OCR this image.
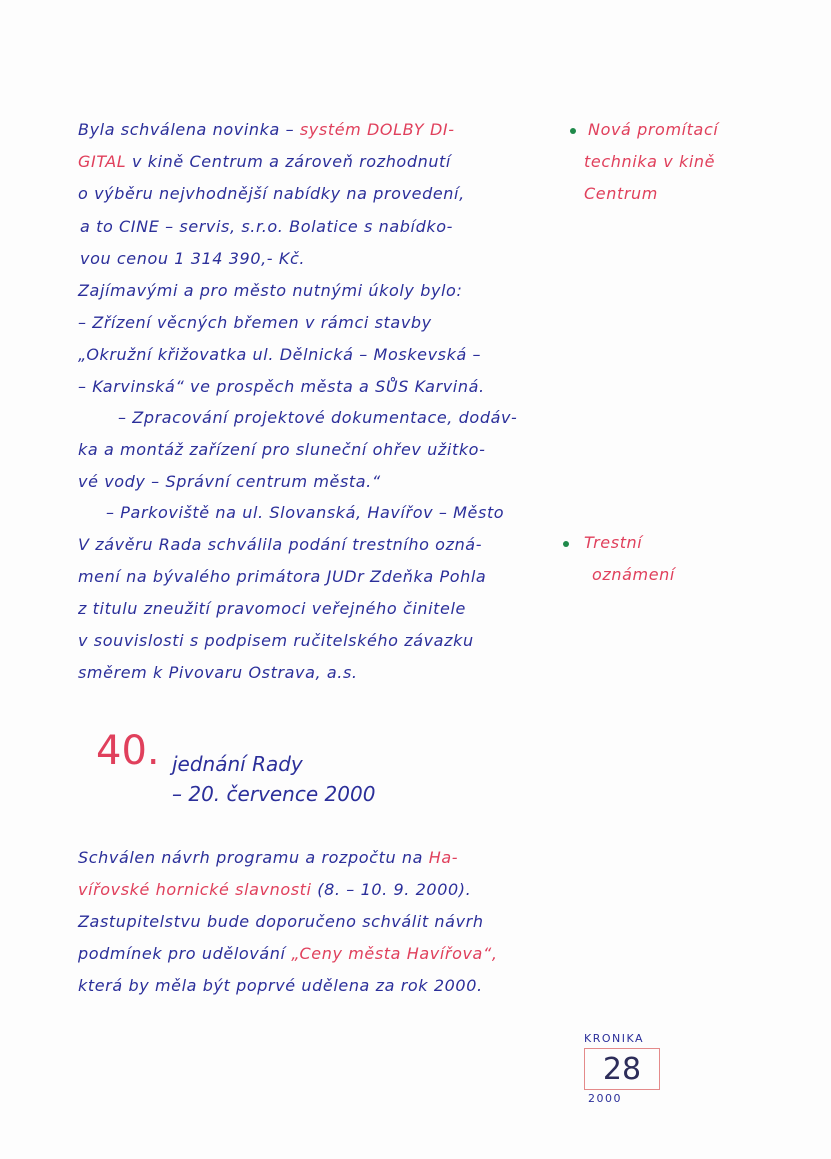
Byla schválena novinka – systém DOLBY DI-
GITAL v kině Centrum a zároveň rozhodnutí
o výběru nejvhodnější nabídky na provedení,
a to CINE – servis, s.r.o. Bolatice s nabídko-
vou cenou 1 314 390,- Kč.
Zajímavými a pro město nutnými úkoly bylo:
– Zřízení věcných břemen v rámci stavby
„Okružní křižovatka ul. Dělnická – Moskevská –
– Karvinská“ ve prospěch města a SŮS Karviná.
– Zpracování projektové dokumentace, dodáv-
ka a montáž zařízení pro sluneční ohřev užitko-
vé vody – Správní centrum města.“
– Parkoviště na ul. Slovanská, Havířov – Město
V závěru Rada schválila podání trestního ozná-
mení na bývalého primátora JUDr Zdeňka Pohla
z titulu zneužití pravomoci veřejného činitele
v souvislosti s podpisem ručitelského závazku
směrem k Pivovaru Ostrava, a.s.
Nová promítací
technika v kině
Centrum
Trestní
oznámení
40. jednání Rady
– 20. července 2000
Schválen návrh programu a rozpočtu na Ha-
vířovské hornické slavnosti (8. – 10. 9. 2000).
Zastupitelstvu bude doporučeno schválit návrh
podmínek pro udělování „Ceny města Havířova“,
která by měla být poprvé udělena za rok 2000.
KRONIKA
28
2000
